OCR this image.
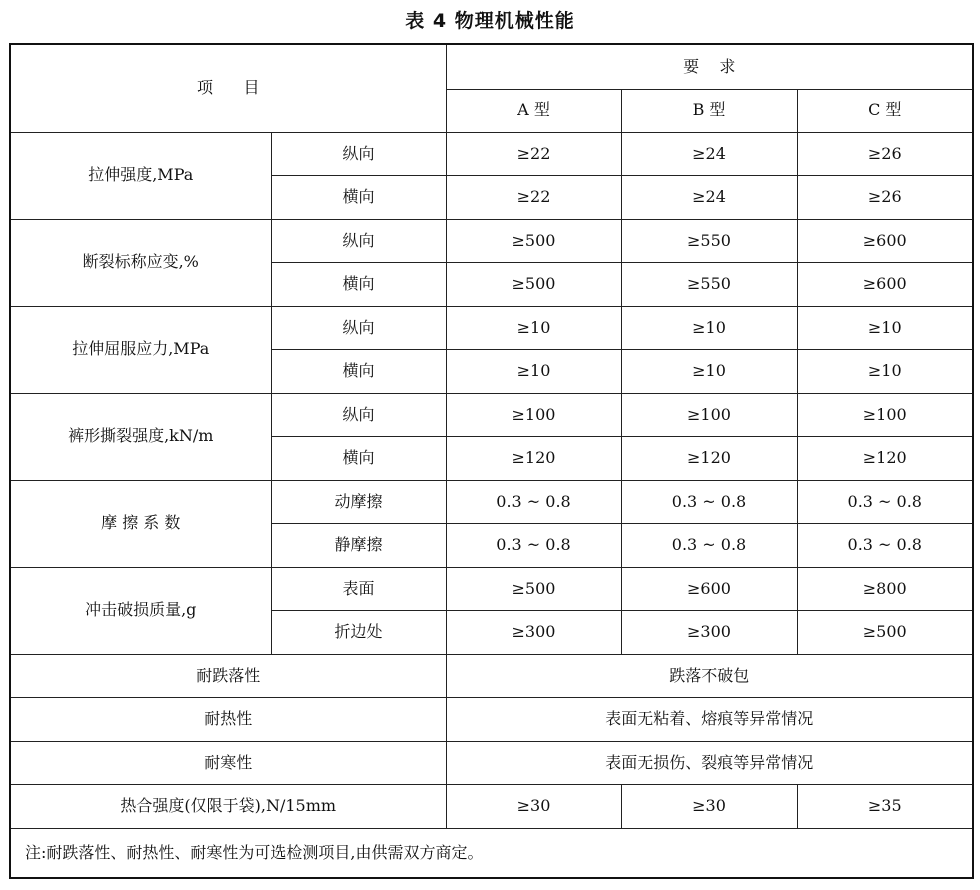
表 4 物理机械性能
项      目		要    求		
		A 型	B 型	C 型
拉伸强度,MPa	纵向	≥22	≥24	≥26
	横向	≥22	≥24	≥26
断裂标称应变,%	纵向	≥500	≥550	≥600
	横向	≥500	≥550	≥600
拉伸屈服应力,MPa	纵向	≥10	≥10	≥10
	横向	≥10	≥10	≥10
裤形撕裂强度,kN/m	纵向	≥100	≥100	≥100
	横向	≥120	≥120	≥120
摩 擦 系 数	动摩擦	0.3 ~ 0.8	0.3 ~ 0.8	0.3 ~ 0.8
	静摩擦	0.3 ~ 0.8	0.3 ~ 0.8	0.3 ~ 0.8
冲击破损质量,g	表面	≥500	≥600	≥800
	折边处	≥300	≥300	≥500
耐跌落性		跌落不破包		
耐热性		表面无粘着、熔痕等异常情况		
耐寒性		表面无损伤、裂痕等异常情况		
热合强度(仅限于袋),N/15mm		≥30	≥30	≥35
注:耐跌落性、耐热性、耐寒性为可选检测项目,由供需双方商定。				
